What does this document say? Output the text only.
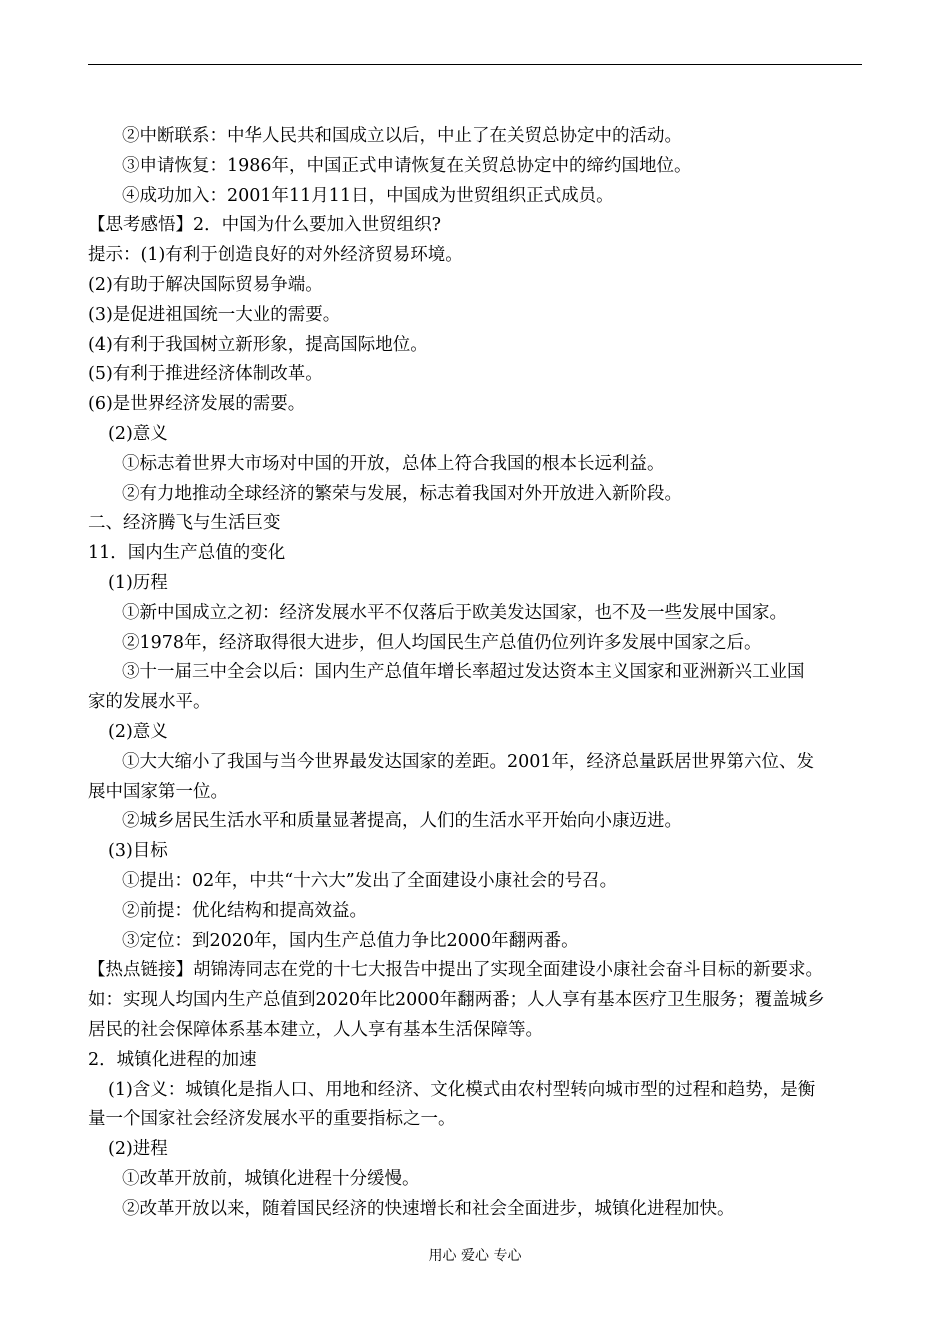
②中断联系：中华人民共和国成立以后，中止了在关贸总协定中的活动。
③申请恢复：1986年，中国正式申请恢复在关贸总协定中的缔约国地位。
④成功加入：2001年11月11日，中国成为世贸组织正式成员。
【思考感悟】2．中国为什么要加入世贸组织?
提示：(1)有利于创造良好的对外经济贸易环境。
(2)有助于解决国际贸易争端。
(3)是促进祖国统一大业的需要。
(4)有利于我国树立新形象，提高国际地位。
(5)有利于推进经济体制改革。
(6)是世界经济发展的需要。
(2)意义
①标志着世界大市场对中国的开放，总体上符合我国的根本长远利益。
②有力地推动全球经济的繁荣与发展，标志着我国对外开放进入新阶段。
二、经济腾飞与生活巨变
11．国内生产总值的变化
(1)历程
①新中国成立之初：经济发展水平不仅落后于欧美发达国家，也不及一些发展中国家。
②1978年，经济取得很大进步，但人均国民生产总值仍位列许多发展中国家之后。
③十一届三中全会以后：国内生产总值年增长率超过发达资本主义国家和亚洲新兴工业国
家的发展水平。
(2)意义
①大大缩小了我国与当今世界最发达国家的差距。2001年，经济总量跃居世界第六位、发
展中国家第一位。
②城乡居民生活水平和质量显著提高，人们的生活水平开始向小康迈进。
(3)目标
①提出：02年，中共“十六大”发出了全面建设小康社会的号召。
②前提：优化结构和提高效益。
③定位：到2020年，国内生产总值力争比2000年翻两番。
【热点链接】胡锦涛同志在党的十七大报告中提出了实现全面建设小康社会奋斗目标的新要求。
如：实现人均国内生产总值到2020年比2000年翻两番；人人享有基本医疗卫生服务；覆盖城乡
居民的社会保障体系基本建立，人人享有基本生活保障等。
2．城镇化进程的加速
(1)含义：城镇化是指人口、用地和经济、文化模式由农村型转向城市型的过程和趋势，是衡
量一个国家社会经济发展水平的重要指标之一。
(2)进程
①改革开放前，城镇化进程十分缓慢。
②改革开放以来，随着国民经济的快速增长和社会全面进步，城镇化进程加快。
用心 爱心 专心
